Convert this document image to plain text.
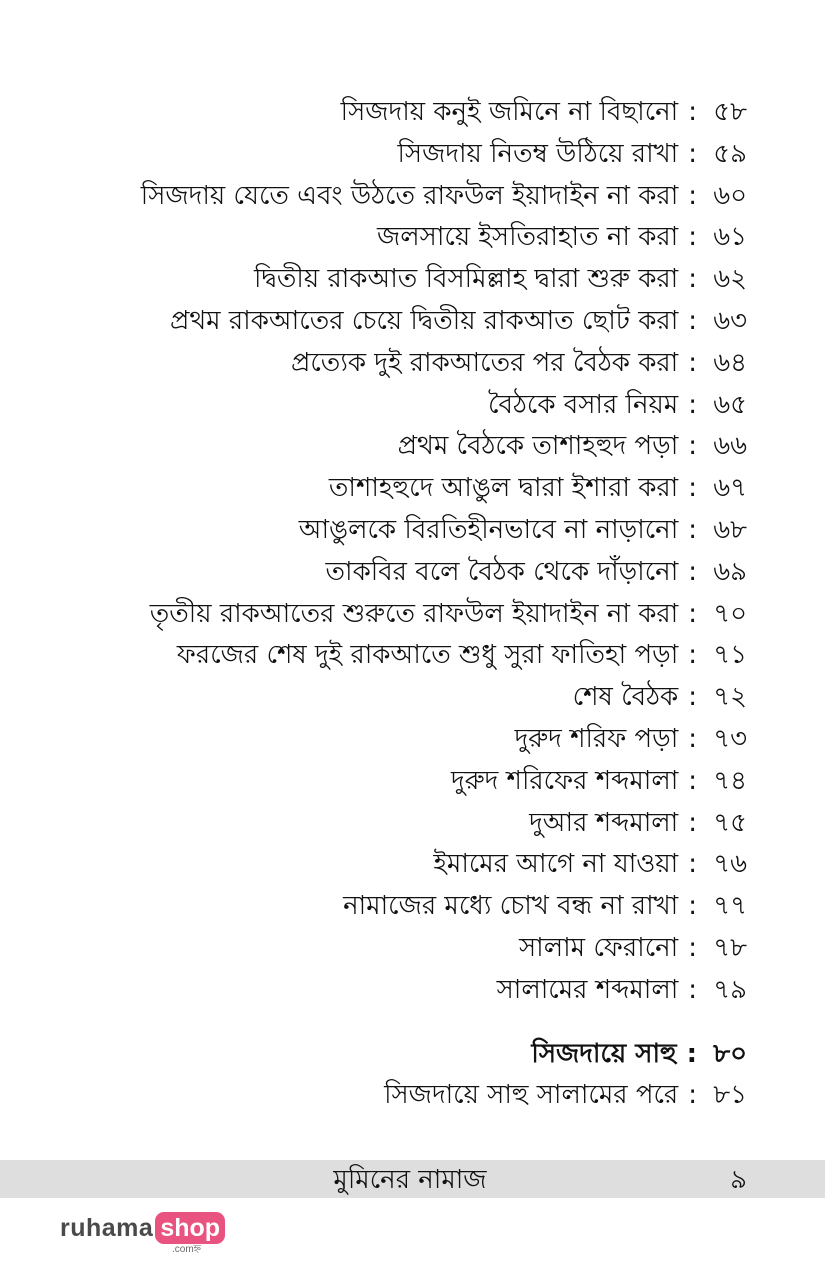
সিজদায় কনুই জমিনে না বিছানো : ৫৮
সিজদায় নিতম্ব উঠিয়ে রাখা : ৫৯
সিজদায় যেতে এবং উঠতে রাফউল ইয়াদাইন না করা : ৬০
জলসায়ে ইসতিরাহাত না করা : ৬১
দ্বিতীয় রাকআত বিসমিল্লাহ দ্বারা শুরু করা : ৬২
প্রথম রাকআতের চেয়ে দ্বিতীয় রাকআত ছোট করা : ৬৩
প্রত্যেক দুই রাকআতের পর বৈঠক করা : ৬৪
বৈঠকে বসার নিয়ম : ৬৫
প্রথম বৈঠকে তাশাহহুদ পড়া : ৬৬
তাশাহহুদে আঙুল দ্বারা ইশারা করা : ৬৭
আঙুলকে বিরতিহীনভাবে না নাড়ানো : ৬৮
তাকবির বলে বৈঠক থেকে দাঁড়ানো : ৬৯
তৃতীয় রাকআতের শুরুতে রাফউল ইয়াদাইন না করা : ৭০
ফরজের শেষ দুই রাকআতে শুধু সুরা ফাতিহা পড়া : ৭১
শেষ বৈঠক : ৭২
দুরুদ শরিফ পড়া : ৭৩
দুরুদ শরিফের শব্দমালা : ৭৪
দুআর শব্দমালা : ৭৫
ইমামের আগে না যাওয়া : ৭৬
নামাজের মধ্যে চোখ বন্ধ না রাখা : ৭৭
সালাম ফেরানো : ৭৮
সালামের শব্দমালা : ৭৯
সিজদায়ে সাহু : ৮০
সিজদায়ে সাহু সালামের পরে : ৮১
মুমিনের নামাজ	৯
ruhama shop
.comহ্ন
